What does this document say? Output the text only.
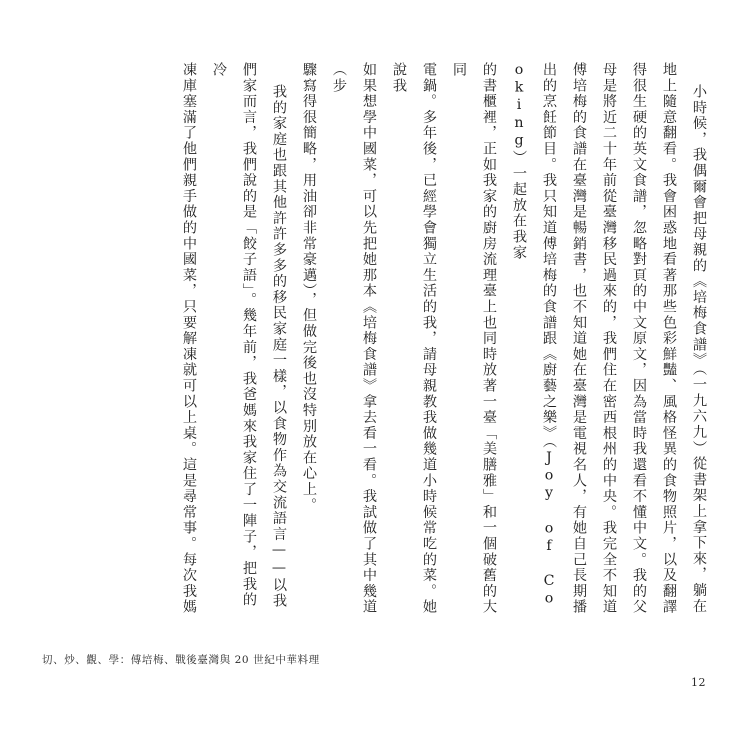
小時候，我偶爾會把母親的《培梅食譜》（一九六九）從書架上拿下來，躺在
地上隨意翻看。我會困惑地看著那些色彩鮮豔、風格怪異的食物照片，以及翻譯
得很生硬的英文食譜，忽略對頁的中文原文，因為當時我還看不懂中文。我的父
母是將近二十年前從臺灣移民過來的，我們住在密西根州的中央。我完全不知道
傅培梅的食譜在臺灣是暢銷書，也不知道她在臺灣是電視名人，有她自己長期播
出的烹飪節目。我只知道傅培梅的食譜跟《廚藝之樂》（Joy of Cooking）一起放在我家
的書櫃裡，正如我家的廚房流理臺上也同時放著一臺「美膳雅」和一個破舊的大同
電鍋。多年後，已經學會獨立生活的我，請母親教我做幾道小時候常吃的菜。她說我
如果想學中國菜，可以先把她那本《培梅食譜》拿去看一看。我試做了其中幾道（步
驟寫得很簡略，用油卻非常豪邁），但做完後也沒特別放在心上。
我的家庭也跟其他許許多多的移民家庭一樣，以食物作為交流語言——以我
們家而言，我們說的是「餃子語」。幾年前，我爸媽來我家住了一陣子，把我的冷
凍庫塞滿了他們親手做的中國菜，只要解凍就可以上桌。這是尋常事。每次我媽
切、炒、觀、學：傅培梅、戰後臺灣與 20 世紀中華料理
12
